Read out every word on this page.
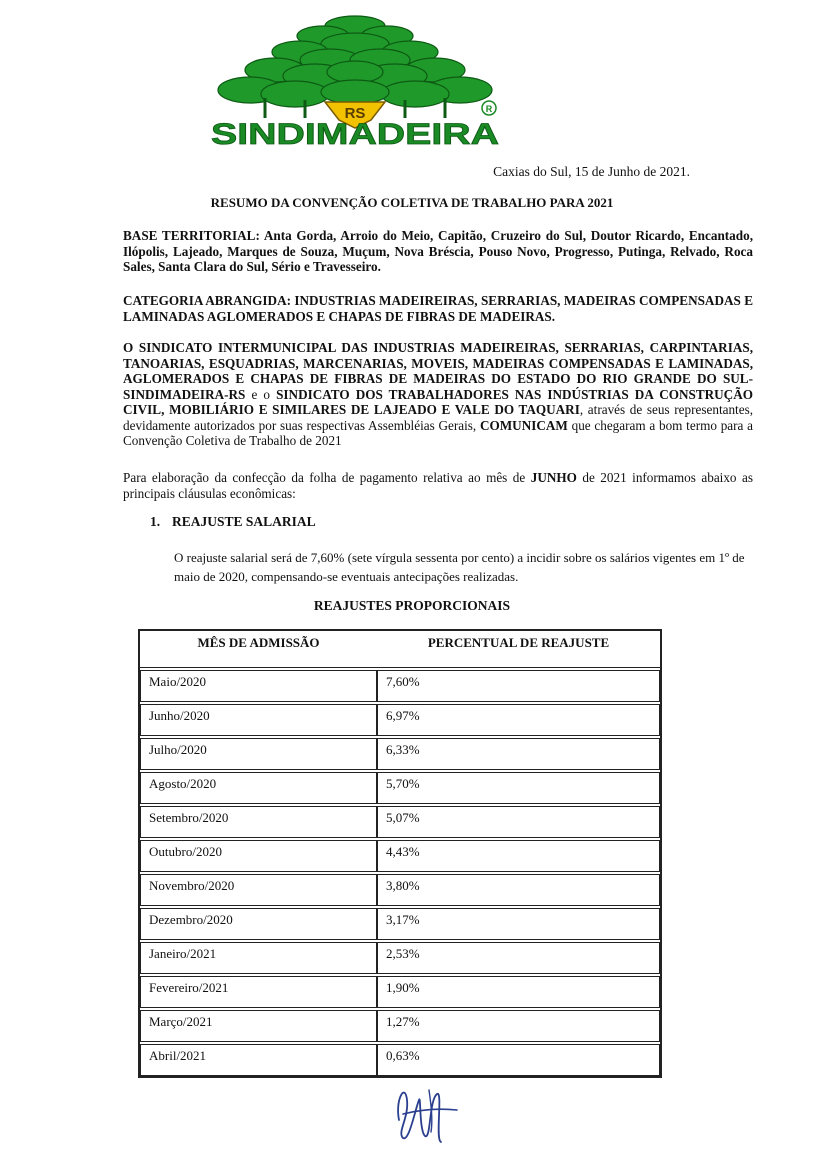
RS	R
SINDIMADEIRA
Caxias do Sul, 15 de Junho de 2021.
RESUMO DA CONVENÇÃO COLETIVA DE TRABALHO PARA 2021
BASE TERRITORIAL: Anta Gorda, Arroio do Meio, Capitão, Cruzeiro do Sul, Doutor Ricardo, Encantado, Ilópolis, Lajeado, Marques de Souza, Muçum, Nova Bréscia, Pouso Novo, Progresso, Putinga, Relvado, Roca Sales, Santa Clara do Sul, Sério e Travesseiro.
CATEGORIA ABRANGIDA: INDUSTRIAS MADEIREIRAS, SERRARIAS, MADEIRAS COMPENSADAS E LAMINADAS AGLOMERADOS E CHAPAS DE FIBRAS DE MADEIRAS.
O SINDICATO INTERMUNICIPAL DAS INDUSTRIAS MADEIREIRAS, SERRARIAS, CARPINTARIAS, TANOARIAS, ESQUADRIAS, MARCENARIAS, MOVEIS, MADEIRAS COMPENSADAS E LAMINADAS, AGLOMERADOS E CHAPAS DE FIBRAS DE MADEIRAS DO ESTADO DO RIO GRANDE DO SUL-SINDIMADEIRA-RS e o SINDICATO DOS TRABALHADORES NAS INDÚSTRIAS DA CONSTRUÇÃO CIVIL, MOBILIÁRIO E SIMILARES DE LAJEADO E VALE DO TAQUARI, através de seus representantes, devidamente autorizados por suas respectivas Assembléias Gerais, COMUNICAM que chegaram a bom termo para a Convenção Coletiva de Trabalho de 2021
Para elaboração da confecção da folha de pagamento relativa ao mês de JUNHO de 2021 informamos abaixo as principais cláusulas econômicas:
1. REAJUSTE SALARIAL
O reajuste salarial será de 7,60% (sete vírgula sessenta por cento) a incidir sobre os salários vigentes em 1º de maio de 2020, compensando-se eventuais antecipações realizadas.
REAJUSTES PROPORCIONAIS
MÊS DE ADMISSÃO	PERCENTUAL DE REAJUSTE

Maio/2020	7,60%

Junho/2020	6,97%

Julho/2020	6,33%

Agosto/2020	5,70%

Setembro/2020	5,07%

Outubro/2020	4,43%

Novembro/2020	3,80%

Dezembro/2020	3,17%

Janeiro/2021	2,53%

Fevereiro/2021	1,90%

Março/2021	1,27%

Abril/2021	0,63%
